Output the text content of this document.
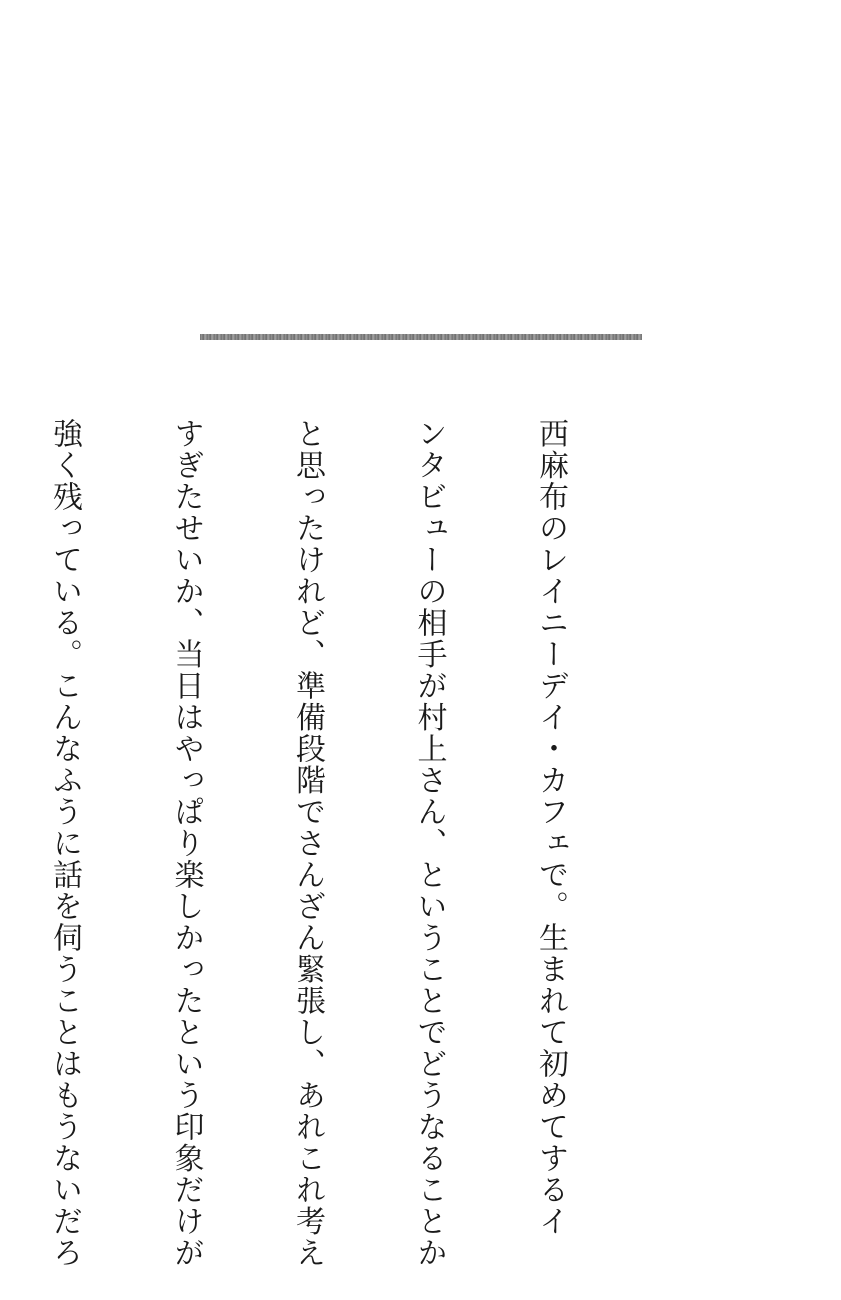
西麻布のレイニーデイ・カフェで。生まれて初めてするイ

ンタビューの相手が村上さん、ということでどうなることか

と思ったけれど、準備段階でさんざん緊張し、あれこれ考え

すぎたせいか、当日はやっぱり楽しかったという印象だけが

強く残っている。こんなふうに話を伺うことはもうないだろ
